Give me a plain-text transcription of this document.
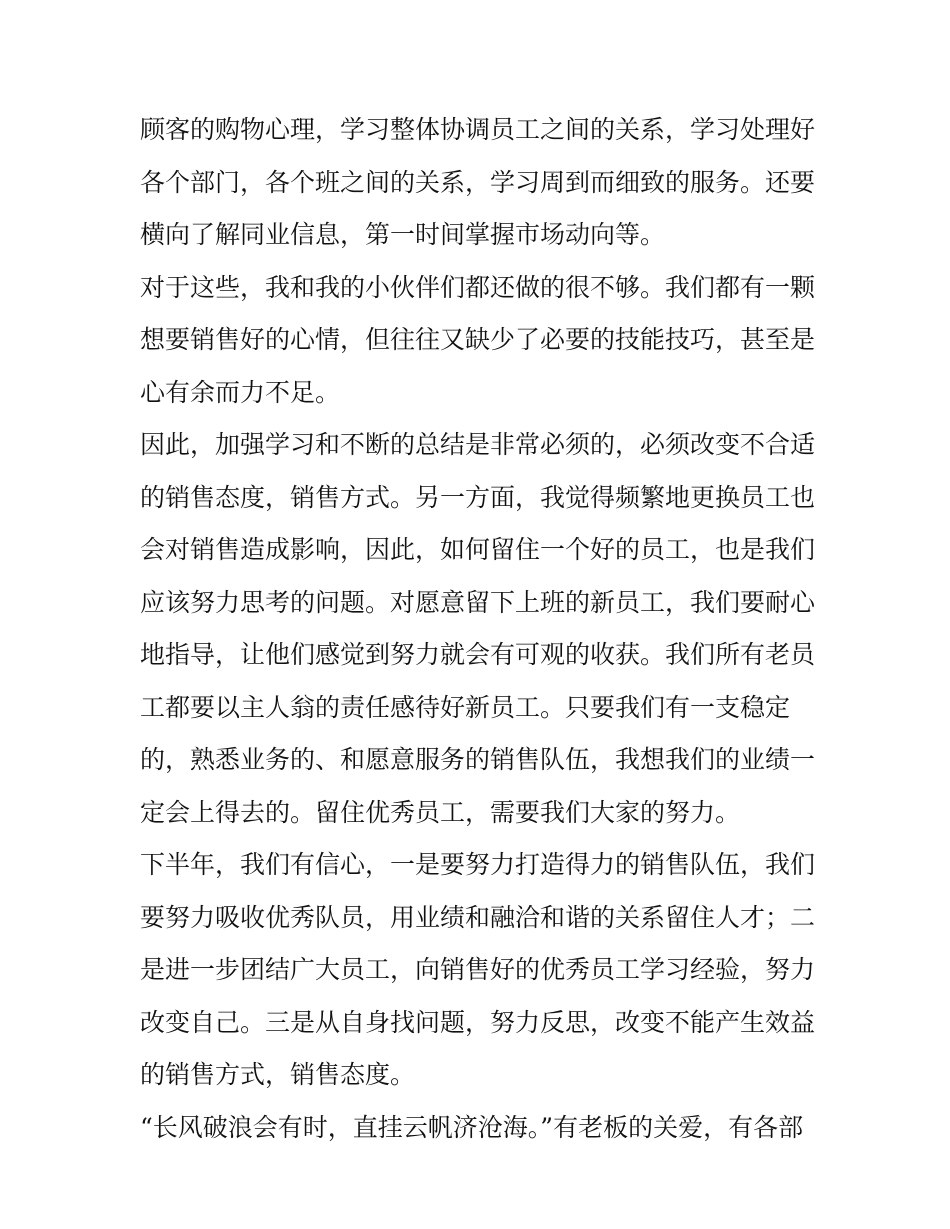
顾客的购物心理，学习整体协调员工之间的关系，学习处理好
各个部门，各个班之间的关系，学习周到而细致的服务。还要
横向了解同业信息，第一时间掌握市场动向等。
对于这些，我和我的小伙伴们都还做的很不够。我们都有一颗
想要销售好的心情，但往往又缺少了必要的技能技巧，甚至是
心有余而力不足。
因此，加强学习和不断的总结是非常必须的，必须改变不合适
的销售态度，销售方式。另一方面，我觉得频繁地更换员工也
会对销售造成影响，因此，如何留住一个好的员工，也是我们
应该努力思考的问题。对愿意留下上班的新员工，我们要耐心
地指导，让他们感觉到努力就会有可观的收获。我们所有老员
工都要以主人翁的责任感待好新员工。只要我们有一支稳定
的，熟悉业务的、和愿意服务的销售队伍，我想我们的业绩一
定会上得去的。留住优秀员工，需要我们大家的努力。
下半年，我们有信心，一是要努力打造得力的销售队伍，我们
要努力吸收优秀队员，用业绩和融洽和谐的关系留住人才；二
是进一步团结广大员工，向销售好的优秀员工学习经验，努力
改变自己。三是从自身找问题，努力反思，改变不能产生效益
的销售方式，销售态度。
“长风破浪会有时，直挂云帆济沧海。”有老板的关爱，有各部
